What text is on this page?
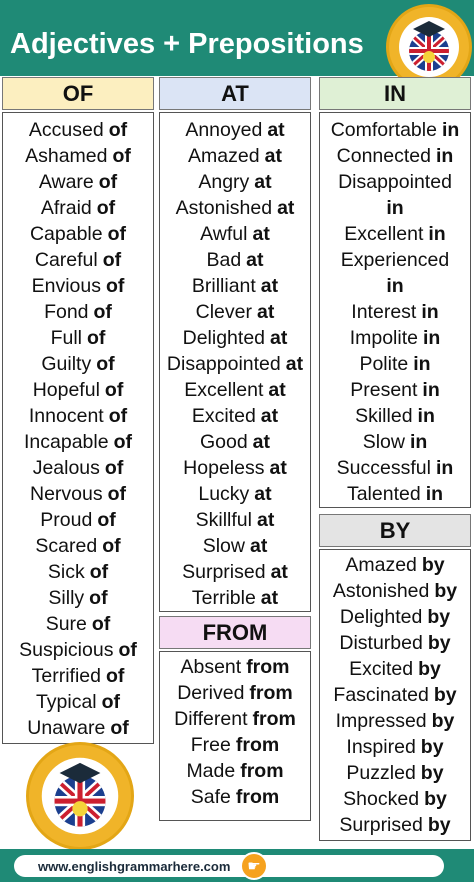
Adjectives + Prepositions
OF
Accused of
Ashamed of
Aware of
Afraid of
Capable of
Careful of
Envious of
Fond of
Full of
Guilty of
Hopeful of
Innocent of
Incapable of
Jealous of
Nervous of
Proud of
Scared of
Sick of
Silly of
Sure of
Suspicious of
Terrified of
Typical of
Unaware of
AT
Annoyed at
Amazed at
Angry at
Astonished at
Awful at
Bad at
Brilliant at
Clever at
Delighted at
Disappointed at
Excellent at
Excited at
Good at
Hopeless at
Lucky at
Skillful at
Slow at
Surprised at
Terrible at
IN
Comfortable in
Connected in
Disappointed
in
Excellent in
Experienced
in
Interest in
Impolite in
Polite in
Present in
Skilled in
Slow in
Successful in
Talented in
FROM
Absent from
Derived from
Different from
Free from
Made from
Safe from
BY
Amazed by
Astonished by
Delighted by
Disturbed by
Excited by
Fascinated by
Impressed by
Inspired by
Puzzled by
Shocked by
Surprised by
www.englishgrammarhere.com	☛
